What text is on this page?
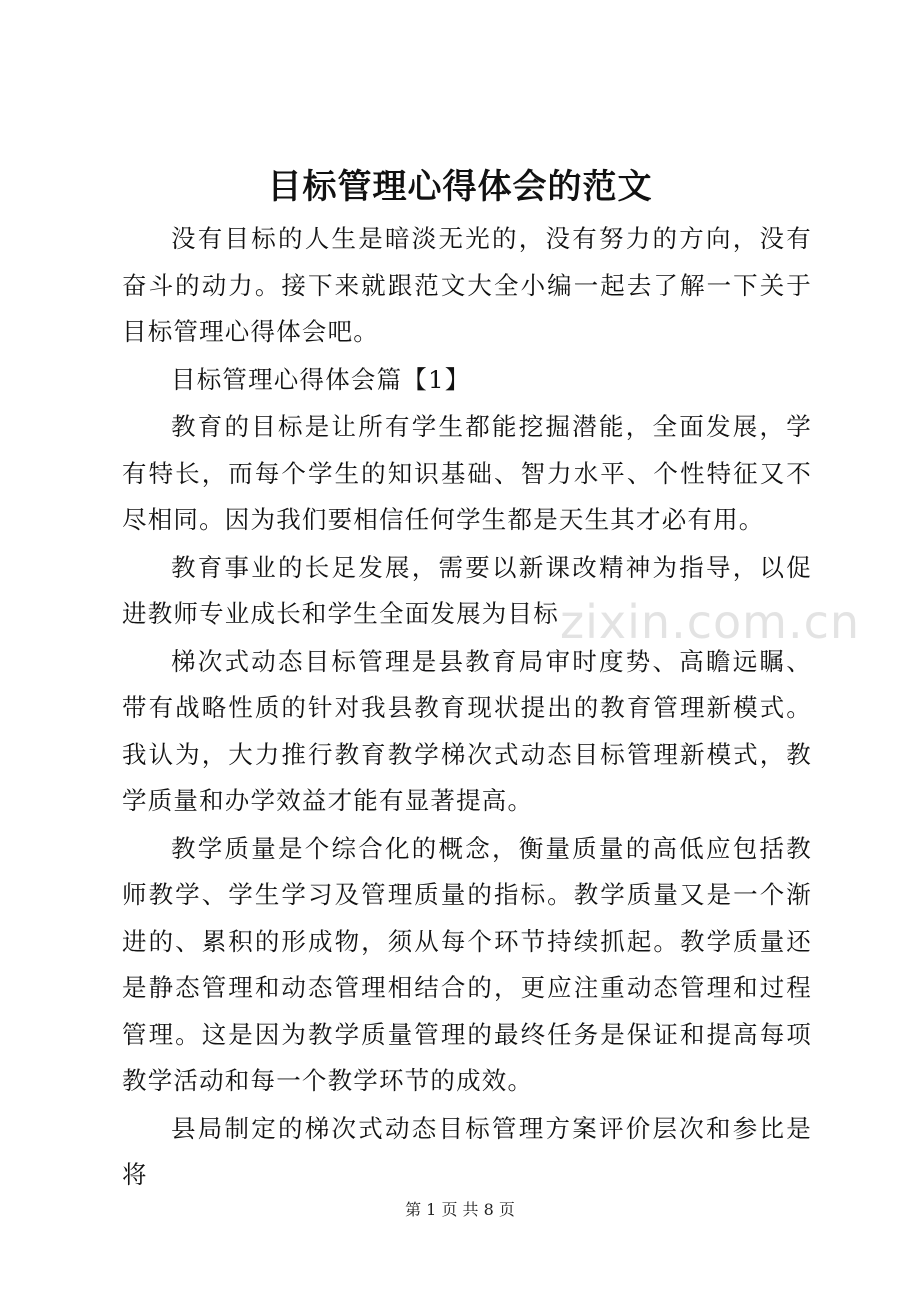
目标管理心得体会的范文

没有目标的人生是暗淡无光的，没有努力的方向，没有奋斗的动力。接下来就跟范文大全小编一起去了解一下关于目标管理心得体会吧。

目标管理心得体会篇【1】

教育的目标是让所有学生都能挖掘潜能，全面发展，学有特长，而每个学生的知识基础、智力水平、个性特征又不尽相同。因为我们要相信任何学生都是天生其才必有用。

教育事业的长足发展，需要以新课改精神为指导，以促进教师专业成长和学生全面发展为目标

梯次式动态目标管理是县教育局审时度势、高瞻远瞩、带有战略性质的针对我县教育现状提出的教育管理新模式。我认为，大力推行教育教学梯次式动态目标管理新模式，教学质量和办学效益才能有显著提高。

教学质量是个综合化的概念，衡量质量的高低应包括教师教学、学生学习及管理质量的指标。教学质量又是一个渐进的、累积的形成物，须从每个环节持续抓起。教学质量还是静态管理和动态管理相结合的，更应注重动态管理和过程管理。这是因为教学质量管理的最终任务是保证和提高每项教学活动和每一个教学环节的成效。

县局制定的梯次式动态目标管理方案评价层次和参比是将

zixin.com.cn
第 1 页 共 8 页
